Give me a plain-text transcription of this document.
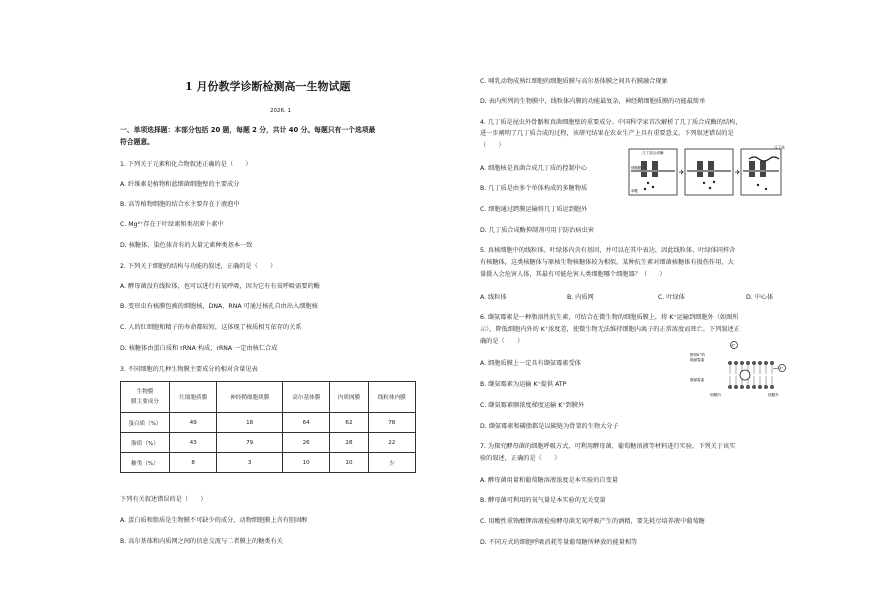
1 月份教学诊断检测高一生物试题
2026. 1
一、单项选择题：本部分包括 20 题，每题 2 分，共计 40 分。每题只有一个选项最
符合题意。
1. 下列关于元素和化合物叙述正确的是（　　）
A. 纤维素是植物和蓝细菌细胞壁的主要成分
B. 高等植物细胞的结合水主要存在于液泡中
C. Mg²⁺存在于叶绿素和类胡萝卜素中
D. 核糖体、染色体含有的大量元素种类基本一致
2. 下列关于细胞的结构与功能的叙述，正确的是（　　）
A. 酵母菌没有线粒体，也可以进行有氧呼吸，因为它有有氧呼吸需要的酶
B. 变形虫有核膜包被的细胞核，DNA、RNA 可通过核孔自由出入细胞核
C. 人的红细胞和精子的寿命都较短，这体现了核质相互依存的关系
D. 核糖体由蛋白质和 rRNA 构成，rRNA 一定由核仁合成
3. 不同细胞的几种生物膜主要成分的相对含量见表
生物膜
膜主要成分	红细胞质膜	神经鞘细胞质膜	高尔基体膜	内质网膜	线粒体内膜
蛋白质（%）	49	18	64	62	78
脂质（%）	43	79	26	28	22
糖类（%）	8	3	10	10	少
下列有关叙述错误的是（　　）
A. 蛋白质和脂质是生物膜不可缺少的成分，动物细胞膜上含有胆固醇
B. 高尔基体和内质网之间的信息交流与二者膜上的糖类有关
C. 哺乳动物成熟红细胞的细胞质膜与高尔基体膜之间具有膜融合现象
D. 表内所列的生物膜中，线粒体内膜的功能最复杂，神经鞘细胞质膜的功能最简单
4. 几丁质是昆虫外骨骼和真菌细胞壁的重要成分。中国科学家首次解析了几丁质合成酶的结构，
进一步阐明了几丁质合成的过程，该研究结果在农业生产上具有重要意义。下列叙述错误的是
（　　）
A. 细胞核是真菌合成几丁质的控制中心
B. 几丁质是由多个单体构成的多糖物质
C. 细胞通过跨膜运输将几丁质运到胞外
D. 几丁质合成酶抑制剂可用于防治病虫害
几丁质合成酶
几丁质
细胞膜
单糖
5. 真核细胞中的线粒体、叶绿体内含有基因，并可以在其中表达，因此线粒体、叶绿体同样含
有核糖体，这类核糖体与原核生物核糖体较为相似。某种抗生素对细菌核糖体有损伤作用，大
量摄入会危害人体，其最有可能危害人类细胞哪个细胞器？（　　）
A. 线粒体	B. 内质网	C. 叶绿体	D. 中心体
6. 缬氨霉素是一种脂溶性抗生素，可结合在微生物的细胞质膜上，将 K⁺运输到细胞外（如图所
示），降低细胞内外的 K⁺浓度差，使微生物无法维持细胞内离子的正常浓度而死亡。下列叙述正
确的是（　　）
A. 细胞质膜上一定具有缬氨霉素受体
B. 缬氨霉素为运输 K⁺提供 ATP
C. 缬氨霉素顺浓度梯度运输 K⁺到膜外
D. 缬氨霉素和磷脂都是以碳链为骨架的生物大分子
K⁺
K⁺
携带K⁺的
缬氨霉素
缬氨霉素
细胞内	细胞外
7. 为探究酵母菌的细胞呼吸方式，可利用酵母菌、葡萄糖溶液等材料进行实验。下列关于该实
验的叙述，正确的是（　　）
A. 酵母菌用量和葡萄糖溶液浓度是本实验的自变量
B. 酵母菌可利用的氧气量是本实验的无关变量
C. 用酸性重铬酸钾溶液检验酵母菌无氧呼吸产生的酒精，要先耗尽培养液中葡萄糖
D. 不同方式的细胞呼吸消耗等量葡萄糖所释放的能量相等
